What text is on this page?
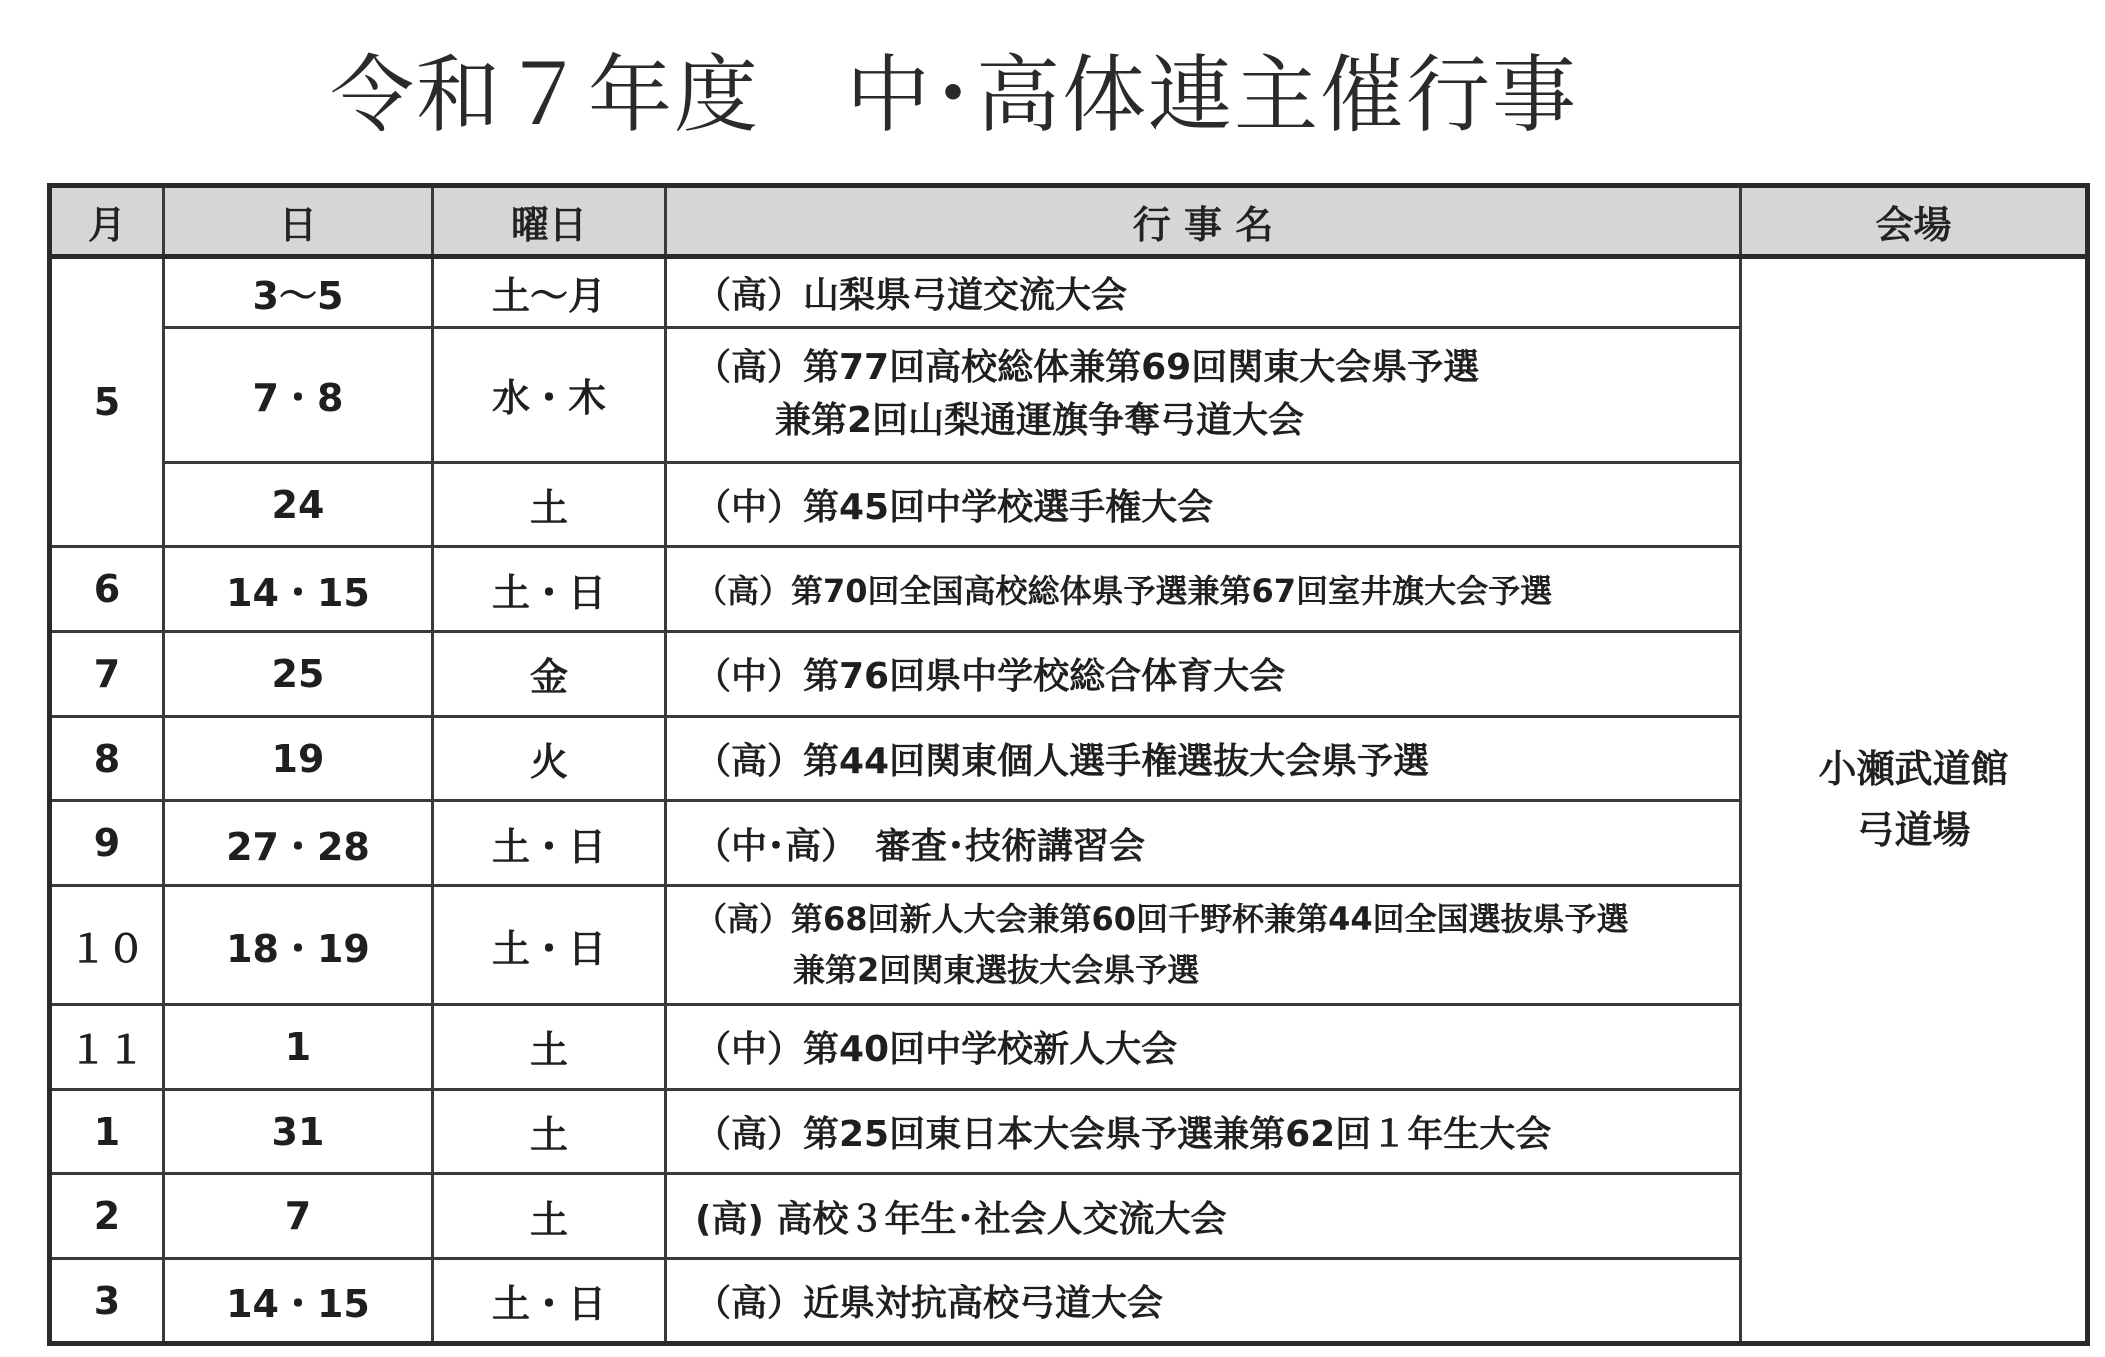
令和７年度　中･高体連主催行事
月	日	曜日	行 事 名	会場
5	3～5	土～月	（高）山梨県弓道交流大会	小瀬武道館
弓道場
	7・8	水・木	（高）第77回高校総体兼第69回関東大会県予選
兼第2回山梨通運旗争奪弓道大会	

	24	土	（中）第45回中学校選手権大会	

6	14・15	土・日	（高）第70回全国高校総体県予選兼第67回室井旗大会予選	

7	25	金	（中）第76回県中学校総合体育大会	

8	19	火	（高）第44回関東個人選手権選抜大会県予選	

9	27・28	土・日	（中･高）　審査･技術講習会	

１０	18・19	土・日	（高）第68回新人大会兼第60回千野杯兼第44回全国選抜県予選
兼第2回関東選抜大会県予選	

１１	1	土	（中）第40回中学校新人大会	

1	31	土	（高）第25回東日本大会県予選兼第62回１年生大会	

2	7	土	(高) 高校３年生･社会人交流大会	

3	14・15	土・日	（高）近県対抗高校弓道大会	
